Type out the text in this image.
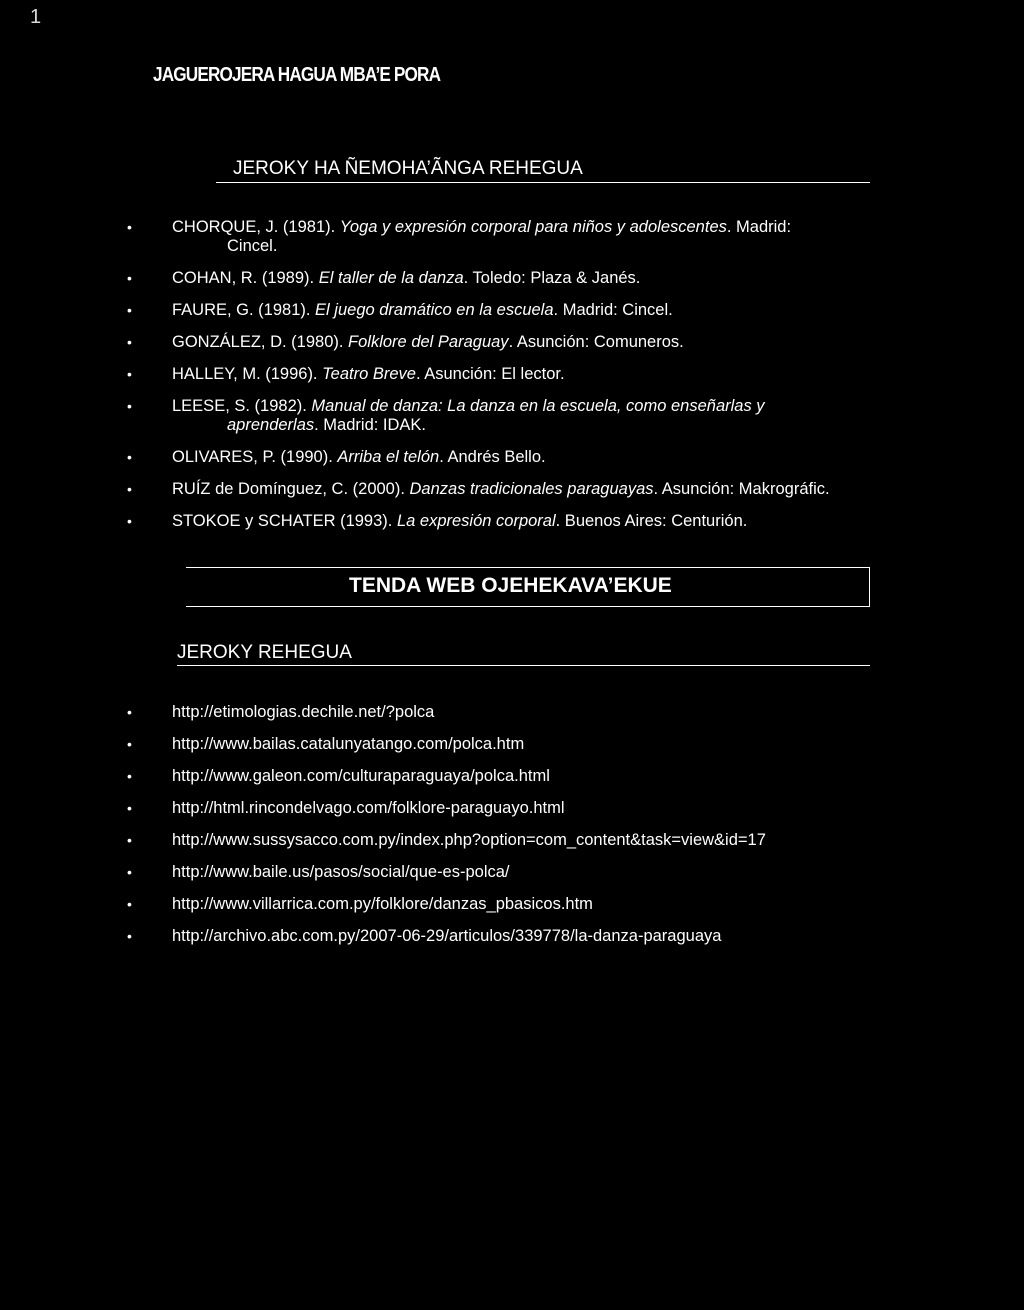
1
JAGUEROJERA HAGUA MBA’E PORA
JEROKY HA ÑEMOHA’ÃNGA REHEGUA
• CHORQUE, J. (1981). Yoga y expresión corporal para niños y adolescentes. Madrid:
Cincel.
• COHAN, R. (1989). El taller de la danza. Toledo: Plaza & Janés.
• FAURE, G. (1981). El juego dramático en la escuela. Madrid: Cincel.
• GONZÁLEZ, D. (1980). Folklore del Paraguay. Asunción: Comuneros.
• HALLEY, M. (1996). Teatro Breve. Asunción: El lector.
• LEESE, S. (1982). Manual de danza: La danza en la escuela, como enseñarlas y
aprenderlas. Madrid: IDAK.
• OLIVARES, P. (1990). Arriba el telón. Andrés Bello.
• RUÍZ de Domínguez, C. (2000). Danzas tradicionales paraguayas. Asunción: Makrográfic.
• STOKOE y SCHATER (1993). La expresión corporal. Buenos Aires: Centurión.
TENDA WEB OJEHEKAVA’EKUE
JEROKY REHEGUA
• http://etimologias.dechile.net/?polca
• http://www.bailas.catalunyatango.com/polca.htm
• http://www.galeon.com/culturaparaguaya/polca.html
• http://html.rincondelvago.com/folklore-paraguayo.html
• http://www.sussysacco.com.py/index.php?option=com_content&task=view&id=17
• http://www.baile.us/pasos/social/que-es-polca/
• http://www.villarrica.com.py/folklore/danzas_pbasicos.htm
• http://archivo.abc.com.py/2007-06-29/articulos/339778/la-danza-paraguaya
